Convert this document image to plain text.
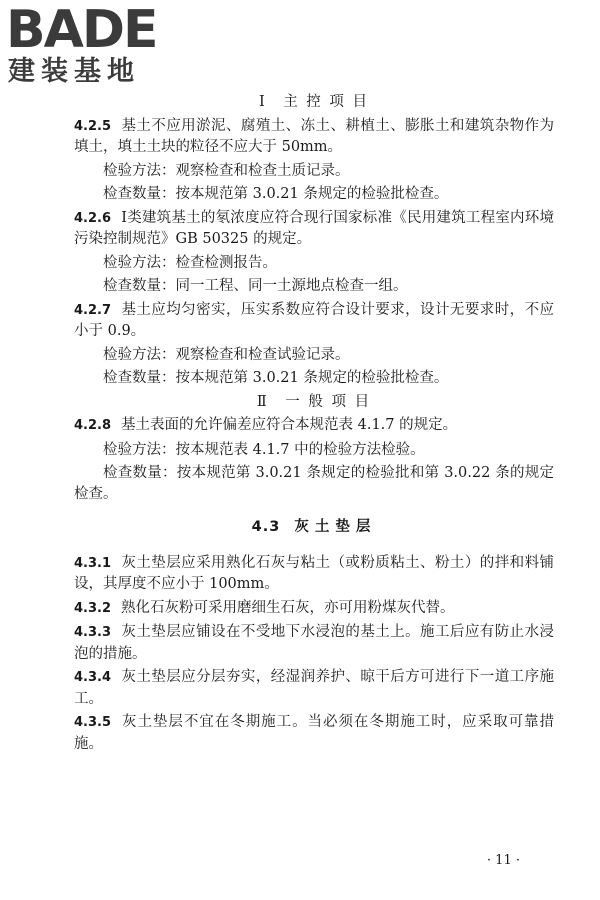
BADE
建装基地

Ⅰ　主 控 项 目

4.2.5 基土不应用淤泥、腐殖土、冻土、耕植土、膨胀土和建筑杂物作为填土，填土土块的粒径不应大于 50mm。

检验方法：观察检查和检查土质记录。

检查数量：按本规范第 3.0.21 条规定的检验批检查。

4.2.6 Ⅰ类建筑基土的氡浓度应符合现行国家标准《民用建筑工程室内环境污染控制规范》GB 50325 的规定。

检验方法：检查检测报告。

检查数量：同一工程、同一土源地点检查一组。

4.2.7 基土应均匀密实，压实系数应符合设计要求，设计无要求时，不应小于 0.9。

检验方法：观察检查和检查试验记录。

检查数量：按本规范第 3.0.21 条规定的检验批检查。

Ⅱ　一 般 项 目

4.2.8 基土表面的允许偏差应符合本规范表 4.1.7 的规定。

检验方法：按本规范表 4.1.7 中的检验方法检验。

检查数量：按本规范第 3.0.21 条规定的检验批和第 3.0.22 条的规定检查。

4.3 灰土垫层

4.3.1 灰土垫层应采用熟化石灰与粘土（或粉质粘土、粉土）的拌和料铺设，其厚度不应小于 100mm。

4.3.2 熟化石灰粉可采用磨细生石灰，亦可用粉煤灰代替。

4.3.3 灰土垫层应铺设在不受地下水浸泡的基土上。施工后应有防止水浸泡的措施。

4.3.4 灰土垫层应分层夯实，经湿润养护、晾干后方可进行下一道工序施工。

4.3.5 灰土垫层不宜在冬期施工。当必须在冬期施工时，应采取可靠措施。

· 11 ·
